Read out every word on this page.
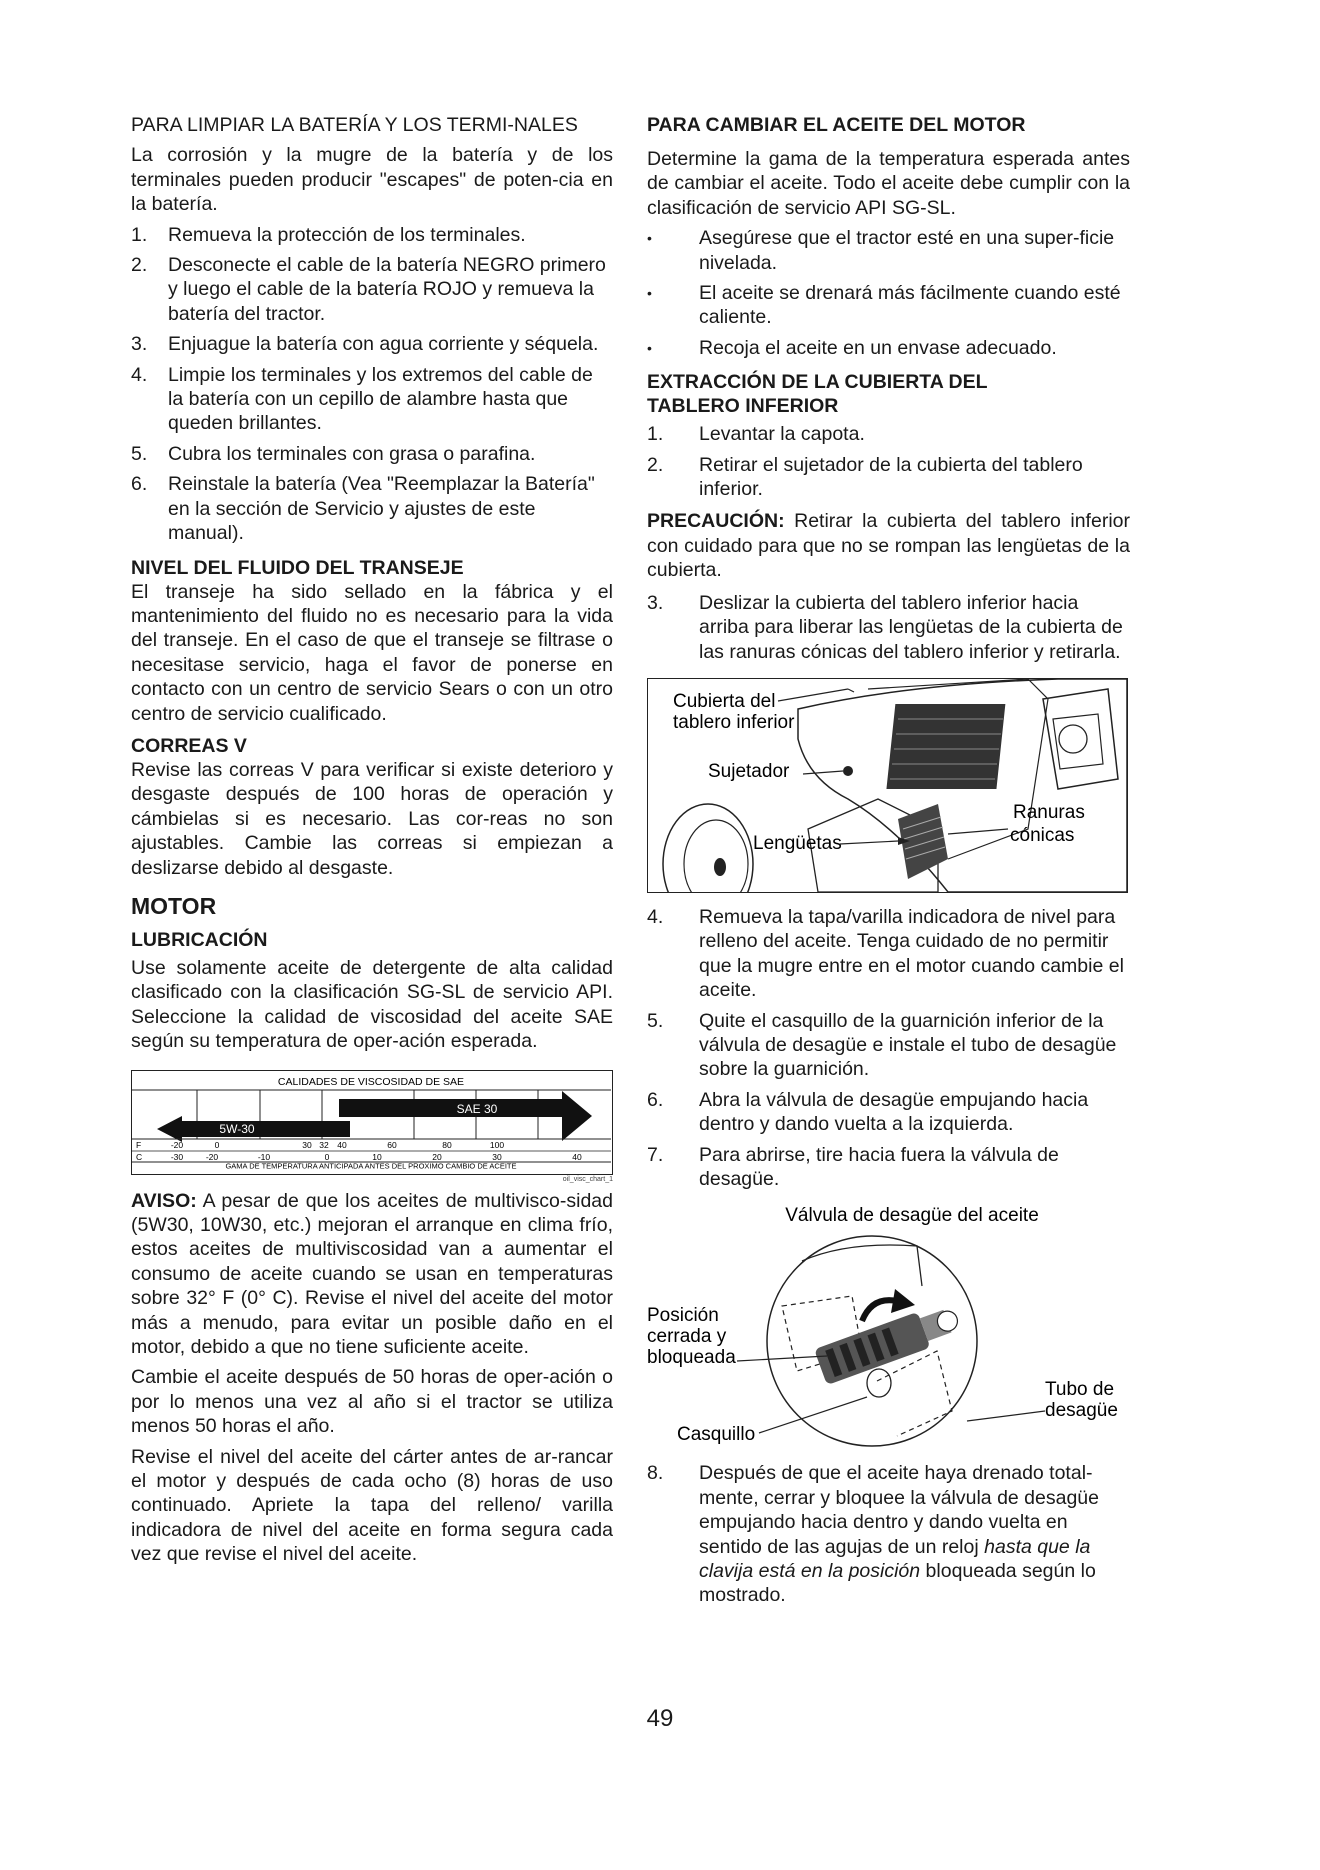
PARA LIMPIAR LA BATERÍA Y LOS TERMI-NALES

La corrosión y la mugre de la batería y de los terminales pueden producir "escapes" de poten-cia en la batería.

1. Remueva la protección de los terminales.
2. Desconecte el cable de la batería NEGRO primero y luego el cable de la batería ROJO y remueva la batería del tractor.
3. Enjuague la batería con agua corriente y séquela.
4. Limpie los terminales y los extremos del cable de la batería con un cepillo de alambre hasta que queden brillantes.
5. Cubra los terminales con grasa o parafina.
6. Reinstale la batería (Vea "Reemplazar la Batería" en la sección de Servicio y ajustes de este manual).

NIVEL DEL FLUIDO DEL TRANSEJE

El transeje ha sido sellado en la fábrica y el mantenimiento del fluido no es necesario para la vida del transeje. En el caso de que el transeje se filtrase o necesitase servicio, haga el favor de ponerse en contacto con un centro de servicio Sears o con un otro centro de servicio cualificado.

CORREAS V

Revise las correas V para verificar si existe deterioro y desgaste después de 100 horas de operación y cámbielas si es necesario. Las cor-reas no son ajustables. Cambie las correas si empiezan a deslizarse debido al desgaste.

MOTOR

LUBRICACIÓN

Use solamente aceite de detergente de alta calidad clasificado con la clasificación SG-SL de servicio API. Seleccione la calidad de viscosidad del aceite SAE según su temperatura de oper-ación esperada.

CALIDADES DE VISCOSIDAD DE SAE
SAE 30
5W-30
F	-20	0	30 32 40	60	80	100
C	-30	-20	-10	0	10	20	30	40
GAMA DE TEMPERATURA ANTICIPADA ANTES DEL PROXIMO CAMBIO DE ACEITE

oil_visc_chart_1

AVISO: A pesar de que los aceites de multivisco-sidad (5W30, 10W30, etc.) mejoran el arranque en clima frío, estos aceites de multiviscosidad van a aumentar el consumo de aceite cuando se usan en temperaturas sobre 32° F (0° C). Revise el nivel del aceite del motor más a menudo, para evitar un posible daño en el motor, debido a que no tiene suficiente aceite.

Cambie el aceite después de 50 horas de oper-ación o por lo menos una vez al año si el tractor se utiliza menos 50 horas el año.

Revise el nivel del aceite del cárter antes de ar-rancar el motor y después de cada ocho (8) horas de uso continuado. Apriete la tapa del relleno/ varilla indicadora de nivel del aceite en forma segura cada vez que revise el nivel del aceite.

PARA CAMBIAR EL ACEITE DEL MOTOR

Determine la gama de la temperatura esperada antes de cambiar el aceite. Todo el aceite debe cumplir con la clasificación de servicio API SG-SL.

• Asegúrese que el tractor esté en una super-ficie nivelada.
• El aceite se drenará más fácilmente cuando esté caliente.
• Recoja el aceite en un envase adecuado.

EXTRACCIÓN DE LA CUBIERTA DEL

TABLERO INFERIOR

1. Levantar la capota.
2. Retirar el sujetador de la cubierta del tablero inferior.

PRECAUCIÓN: Retirar la cubierta del tablero inferior con cuidado para que no se rompan las lengüetas de la cubierta.

3. Deslizar la cubierta del tablero inferior hacia arriba para liberar las lengüetas de la cubierta de las ranuras cónicas del tablero inferior y retirarla.
Cubierta del
tablero inferior
Sujetador
Lengüetas
Ranuras
cónicas
4. Remueva la tapa/varilla indicadora de nivel para relleno del aceite. Tenga cuidado de no permitir que la mugre entre en el motor cuando cambie el aceite.
5. Quite el casquillo de la guarnición inferior de la válvula de desagüe e instale el tubo de desagüe sobre la guarnición.
6. Abra la válvula de desagüe empujando hacia dentro y dando vuelta a la izquierda.
7. Para abrirse, tire hacia fuera la válvula de desagüe.
Válvula de desagüe del aceite
Posición
cerrada y
bloqueada
Tubo de
desagüe
Casquillo
8. Después de que el aceite haya drenado total-mente, cerrar y bloquee la válvula de desagüe empujando hacia dentro y dando vuelta en sentido de las agujas de un reloj hasta que la clavija está en la posición bloqueada según lo mostrado.
49
